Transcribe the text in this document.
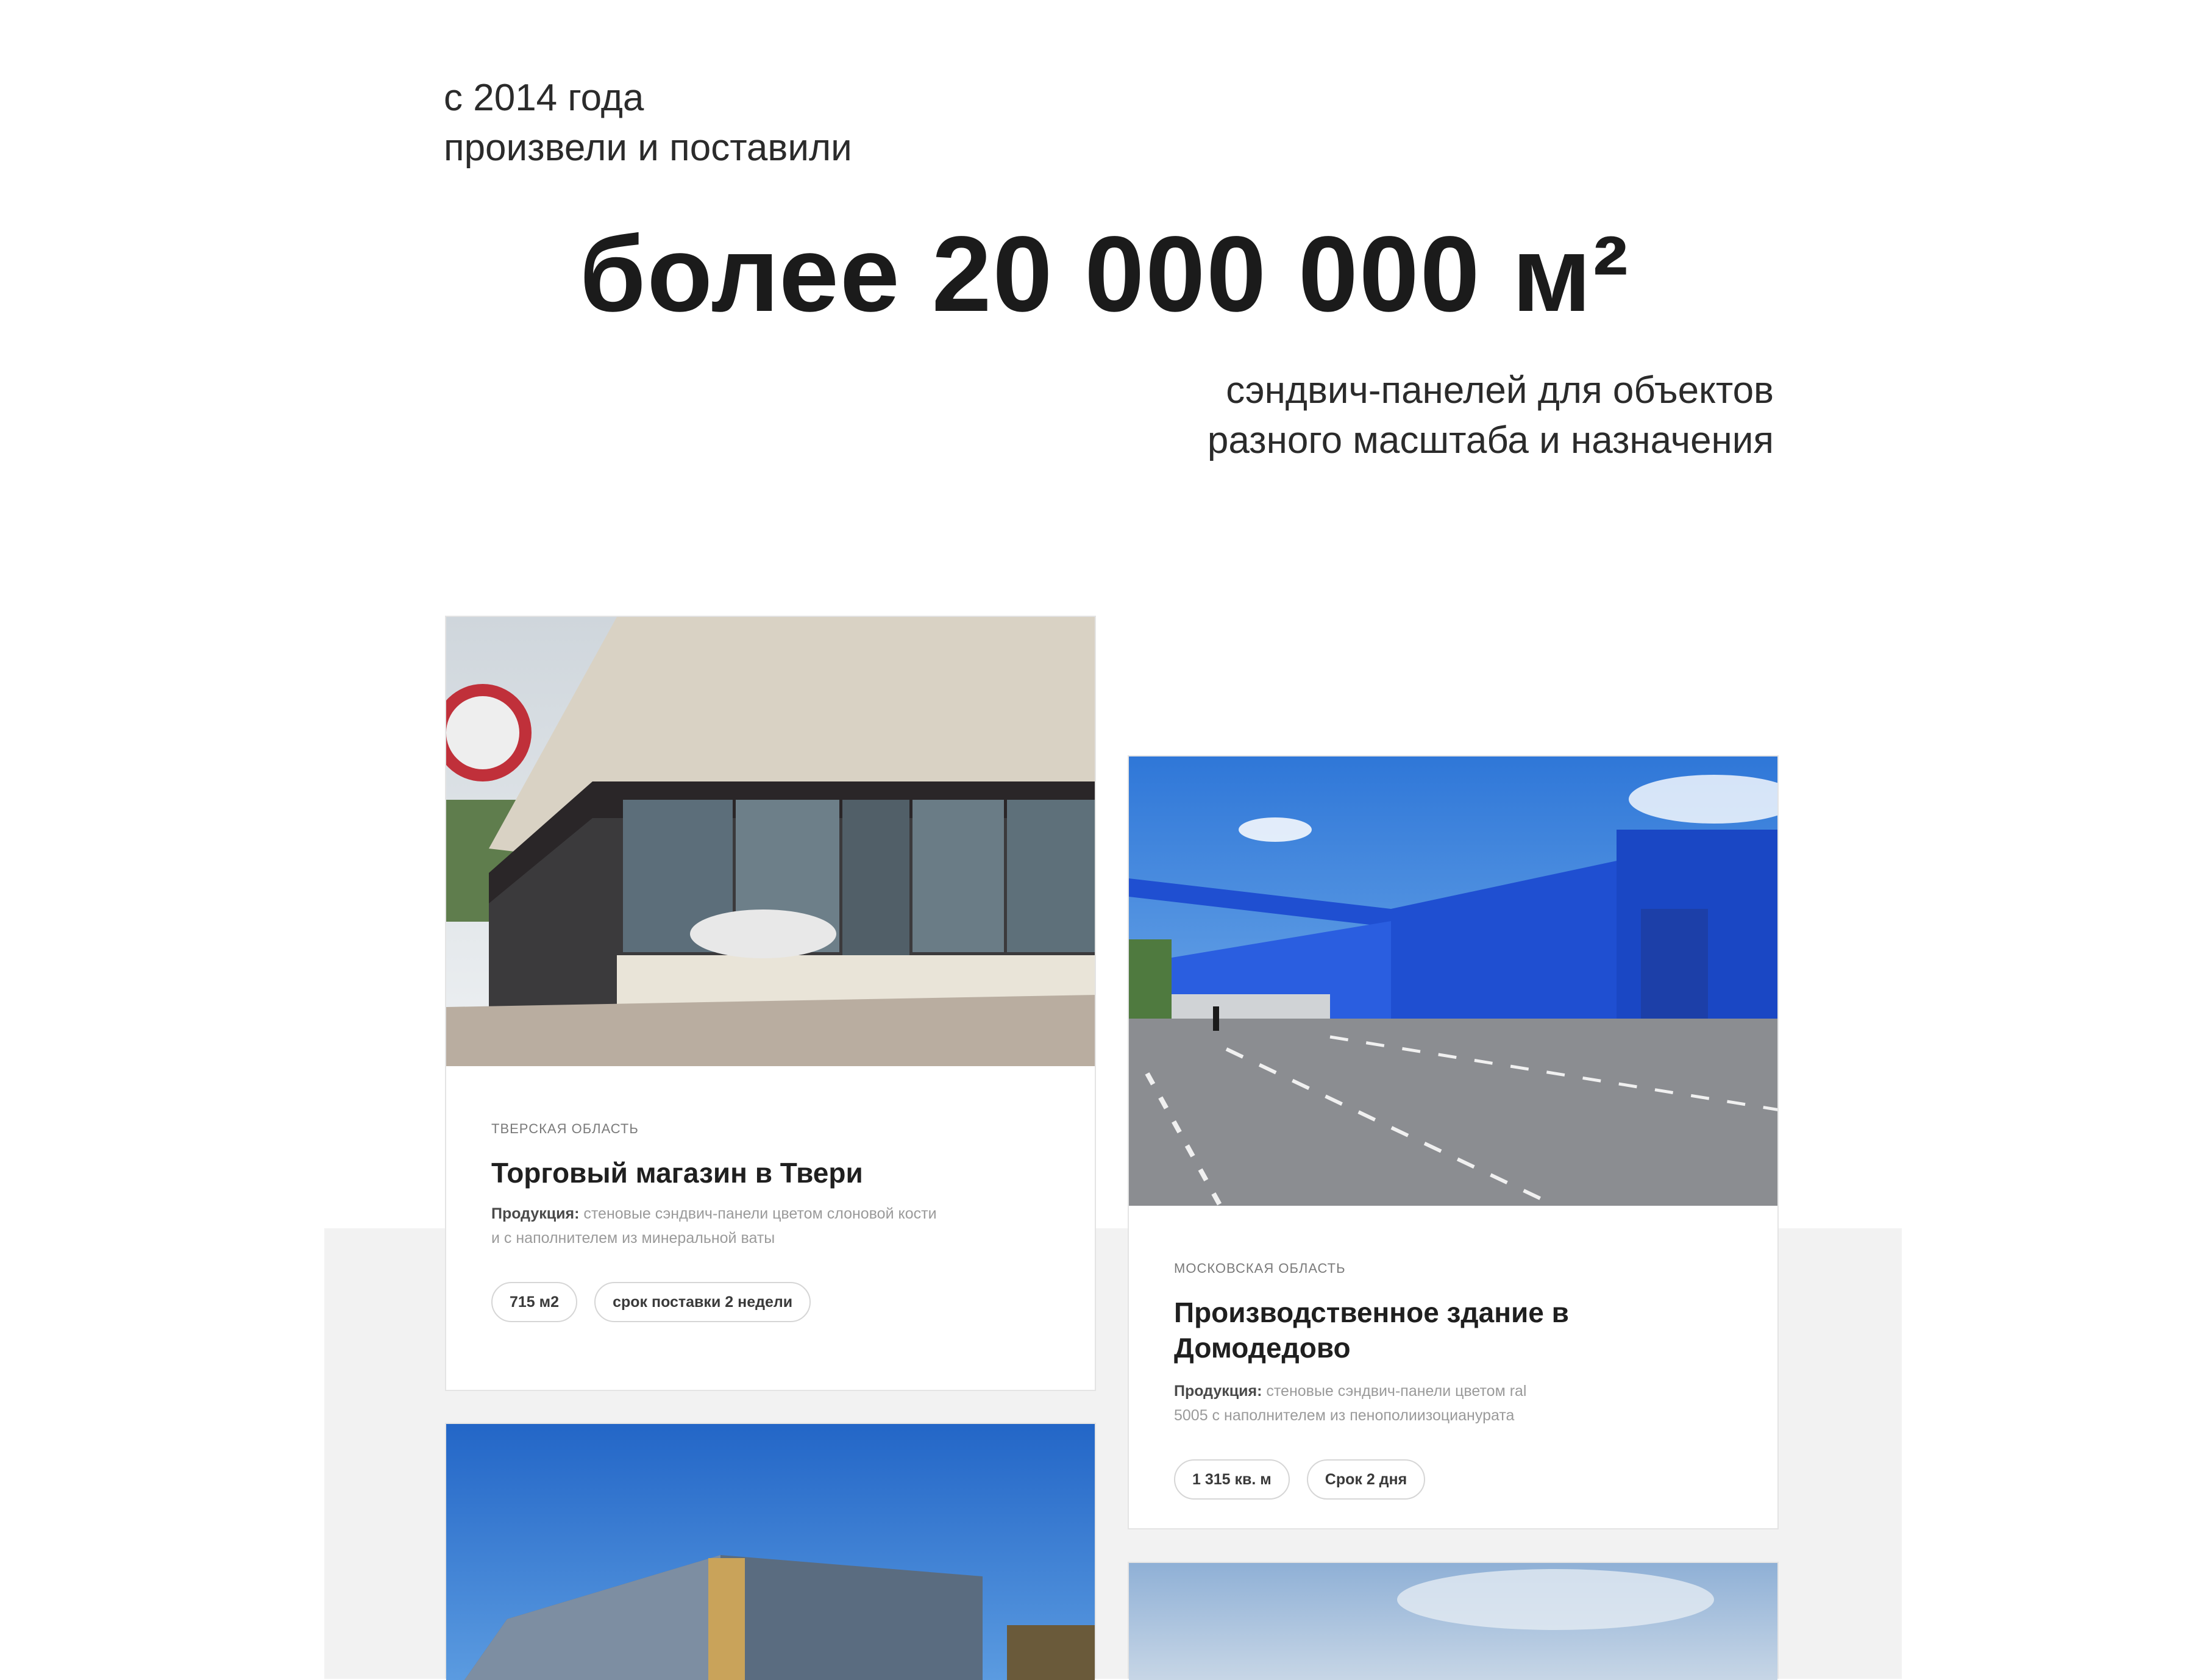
с 2014 года
произвели и поставили
более 20 000 000 м²
сэндвич-панелей для объектов
разного масштаба и назначения
ТВЕРСКАЯ ОБЛАСТЬ
Торговый магазин в Твери
Продукция: стеновые сэндвич-панели цветом слоновой кости
и с наполнителем из минеральной ваты
715 м2	срок поставки 2 недели
МОСКОВСКАЯ ОБЛАСТЬ
Производственное здание в
Домодедово
Продукция: стеновые сэндвич-панели цветом ral
5005 с наполнителем из пенополиизоцианурата
1 315 кв. м	Срок 2 дня
